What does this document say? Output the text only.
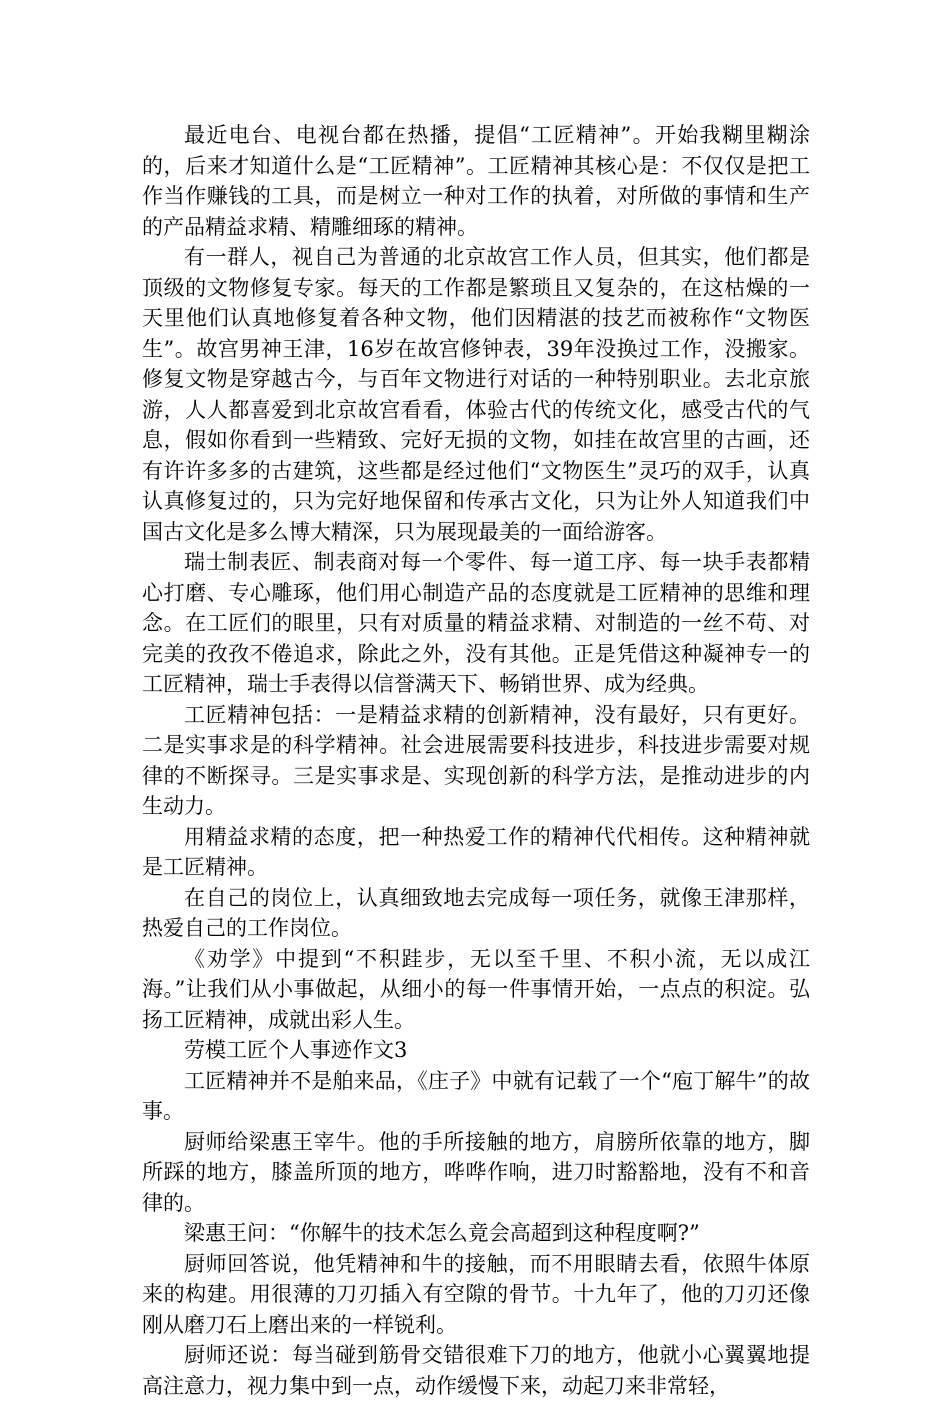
最近电台、电视台都在热播，提倡“工匠精神”。开始我糊里糊涂的，后来才知道什么是“工匠精神”。工匠精神其核心是：不仅仅是把工作当作赚钱的工具，而是树立一种对工作的执着，对所做的事情和生产的产品精益求精、精雕细琢的精神。

有一群人，视自己为普通的北京故宫工作人员，但其实，他们都是顶级的文物修复专家。每天的工作都是繁琐且又复杂的，在这枯燥的一天里他们认真地修复着各种文物，他们因精湛的技艺而被称作“文物医生”。故宫男神王津，16岁在故宫修钟表，39年没换过工作，没搬家。修复文物是穿越古今，与百年文物进行对话的一种特别职业。去北京旅游，人人都喜爱到北京故宫看看，体验古代的传统文化，感受古代的气息，假如你看到一些精致、完好无损的文物，如挂在故宫里的古画，还有许许多多的古建筑，这些都是经过他们“文物医生”灵巧的双手，认真认真修复过的，只为完好地保留和传承古文化，只为让外人知道我们中国古文化是多么博大精深，只为展现最美的一面给游客。

瑞士制表匠、制表商对每一个零件、每一道工序、每一块手表都精心打磨、专心雕琢，他们用心制造产品的态度就是工匠精神的思维和理念。在工匠们的眼里，只有对质量的精益求精、对制造的一丝不苟、对完美的孜孜不倦追求，除此之外，没有其他。正是凭借这种凝神专一的工匠精神，瑞士手表得以信誉满天下、畅销世界、成为经典。

工匠精神包括：一是精益求精的创新精神，没有最好，只有更好。二是实事求是的科学精神。社会进展需要科技进步，科技进步需要对规律的不断探寻。三是实事求是、实现创新的科学方法，是推动进步的内生动力。

用精益求精的态度，把一种热爱工作的精神代代相传。这种精神就是工匠精神。

在自己的岗位上，认真细致地去完成每一项任务，就像王津那样，热爱自己的工作岗位。

《劝学》中提到“不积跬步，无以至千里、不积小流，无以成江海。”让我们从小事做起，从细小的每一件事情开始，一点点的积淀。弘扬工匠精神，成就出彩人生。

劳模工匠个人事迹作文3

工匠精神并不是舶来品，《庄子》中就有记载了一个“庖丁解牛”的故事。

厨师给梁惠王宰牛。他的手所接触的地方，肩膀所依靠的地方，脚所踩的地方，膝盖所顶的地方，哗哗作响，进刀时豁豁地，没有不和音律的。

梁惠王问：“你解牛的技术怎么竟会高超到这种程度啊?”

厨师回答说，他凭精神和牛的接触，而不用眼睛去看，依照牛体原来的构建。用很薄的刀刃插入有空隙的骨节。十九年了，他的刀刃还像刚从磨刀石上磨出来的一样锐利。

厨师还说：每当碰到筋骨交错很难下刀的地方，他就小心翼翼地提高注意力，视力集中到一点，动作缓慢下来，动起刀来非常轻，
